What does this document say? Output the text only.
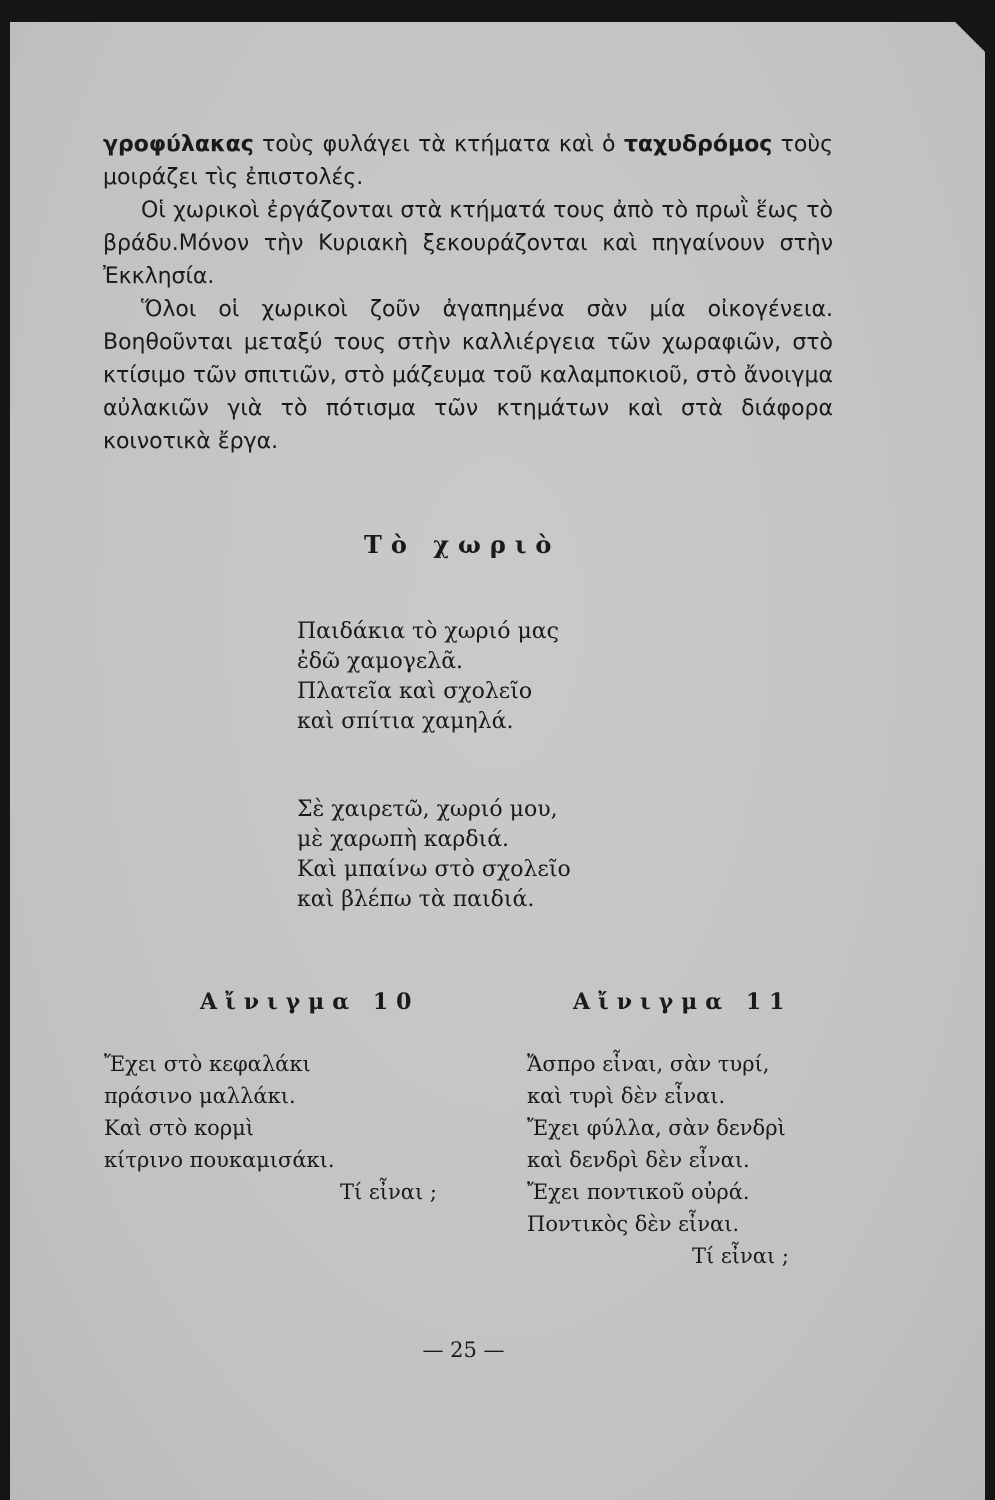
γροφύλακας τοὺς φυλάγει τὰ κτήματα καὶ ὁ ταχυδρόμος τοὺς μοιράζει τὶς ἐπιστολές.

Οἱ χωρικοὶ ἐργάζονται στὰ κτήματά τους ἀπὸ τὸ πρωῒ ἕως τὸ βράδυ.Μόνον τὴν Κυριακὴ ξεκουράζονται καὶ πηγαίνουν στὴν Ἐκκλησία.

Ὅλοι οἱ χωρικοὶ ζοῦν ἀγαπημένα σὰν μία οἰκογένεια. Βοηθοῦνται μεταξύ τους στὴν καλλιέργεια τῶν χωραφιῶν, στὸ κτίσιμο τῶν σπιτιῶν, στὸ μάζευμα τοῦ καλαμποκιοῦ, στὸ ἄνοιγμα αὐλακιῶν γιὰ τὸ πότισμα τῶν κτημάτων καὶ στὰ διάφορα κοινοτικὰ ἔργα.

Τὸ χωριὸ
Παιδάκια τὸ χωριό μας
ἐδῶ χαμογελᾶ.
Πλατεῖα καὶ σχολεῖο
καὶ σπίτια χαμηλά.
Σὲ χαιρετῶ, χωριό μου,
μὲ χαρωπὴ καρδιά.
Καὶ μπαίνω στὸ σχολεῖο
καὶ βλέπω τὰ παιδιά.
Αἴνιγμα 10	Αἴνιγμα 11
Ἔχει στὸ κεφαλάκι
πράσινο μαλλάκι.
Καὶ στὸ κορμὶ
κίτρινο πουκαμισάκι.
Τί εἶναι ;
Ἄσπρο εἶναι, σὰν τυρί,
καὶ τυρὶ δὲν εἶναι.
Ἔχει φύλλα, σὰν δενδρὶ
καὶ δενδρὶ δὲν εἶναι.
Ἔχει ποντικοῦ οὐρά.
Ποντικὸς δὲν εἶναι.
Τί εἶναι ;
— 25 —
